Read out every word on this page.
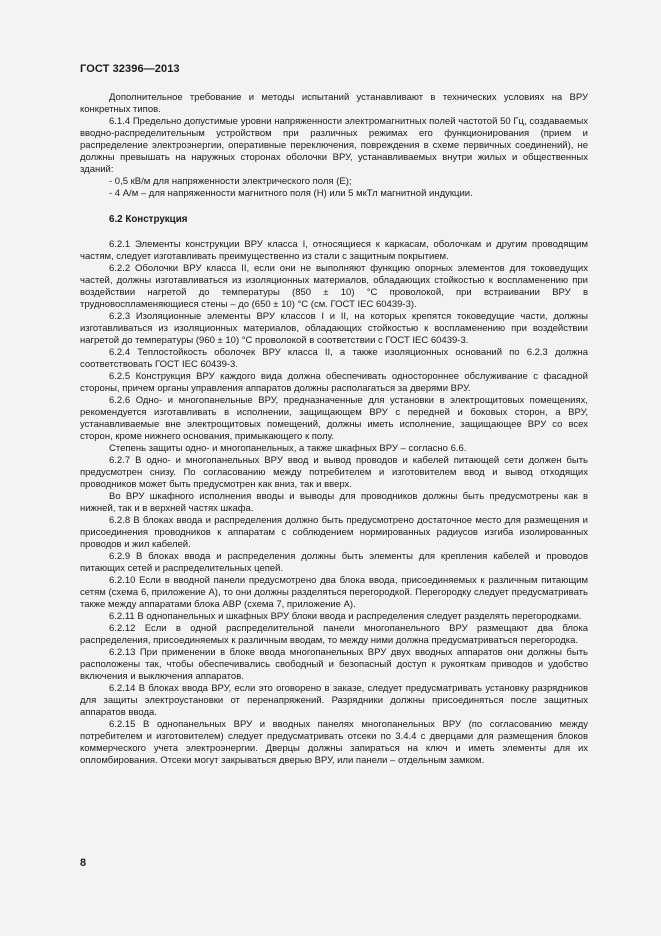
ГОСТ 32396—2013

Дополнительное требование и методы испытаний устанавливают в технических условиях на ВРУ конкретных типов.

6.1.4 Предельно допустимые уровни напряженности электромагнитных полей частотой 50 Гц, создаваемых вводно-распределительным устройством при различных режимах его функционирования (прием и распределение электроэнергии, оперативные переключения, повреждения в схеме первичных соединений), не должны превышать на наружных сторонах оболочки ВРУ, устанавливаемых внутри жилых и общественных зданий:

- 0,5 кВ/м для напряженности электрического поля (Е);

- 4 А/м – для напряженности магнитного поля (Н) или 5 мкТл магнитной индукции.

6.2 Конструкция

6.2.1 Элементы конструкции ВРУ класса I, относящиеся к каркасам, оболочкам и другим проводящим частям, следует изготавливать преимущественно из стали с защитным покрытием.

6.2.2 Оболочки ВРУ класса II, если они не выполняют функцию опорных элементов для токоведущих частей, должны изготавливаться из изоляционных материалов, обладающих стойкостью к воспламенению при воздействии нагретой до температуры (850 ± 10) °С проволокой, при встраивании ВРУ в трудновоспламеняющиеся стены – до (650 ± 10) °С (см. ГОСТ IEC 60439-3).

6.2.3 Изоляционные элементы ВРУ классов I и II, на которых крепятся токоведущие части, должны изготавливаться из изоляционных материалов, обладающих стойкостью к воспламенению при воздействии нагретой до температуры (960 ± 10) °С проволокой в соответствии с ГОСТ IEC 60439-3.

6.2.4 Теплостойкость оболочек ВРУ класса II, а также изоляционных оснований по 6.2.3 должна соответствовать ГОСТ IEC 60439-3.

6.2.5 Конструкция ВРУ каждого вида должна обеспечивать одностороннее обслуживание с фасадной стороны, причем органы управления аппаратов должны располагаться за дверями ВРУ.

6.2.6 Одно- и многопанельные ВРУ, предназначенные для установки в электрощитовых помещениях, рекомендуется изготавливать в исполнении, защищающем ВРУ с передней и боковых сторон, а ВРУ, устанавливаемые вне электрощитовых помещений, должны иметь исполнение, защищающее ВРУ со всех сторон, кроме нижнего основания, примыкающего к полу.

Степень защиты одно- и многопанельных, а также шкафных ВРУ – согласно 6.6.

6.2.7 В одно- и многопанельных ВРУ ввод и вывод проводов и кабелей питающей сети должен быть предусмотрен снизу. По согласованию между потребителем и изготовителем ввод и вывод отходящих проводников может быть предусмотрен как вниз, так и вверх.

Во ВРУ шкафного исполнения вводы и выводы для проводников должны быть предусмотрены как в нижней, так и в верхней частях шкафа.

6.2.8 В блоках ввода и распределения должно быть предусмотрено достаточное место для размещения и присоединения проводников к аппаратам с соблюдением нормированных радиусов изгиба изолированных проводов и жил кабелей.

6.2.9 В блоках ввода и распределения должны быть элементы для крепления кабелей и проводов питающих сетей и распределительных цепей.

6.2.10 Если в вводной панели предусмотрено два блока ввода, присоединяемых к различным питающим сетям (схема 6, приложение А), то они должны разделяться перегородкой. Перегородку следует предусматривать также между аппаратами блока АВР (схема 7, приложение А).

6.2.11 В однопанельных и шкафных ВРУ блоки ввода и распределения следует разделять перегородками.

6.2.12 Если в одной распределительной панели многопанельного ВРУ размещают два блока распределения, присоединяемых к различным вводам, то между ними должна предусматриваться перегородка.

6.2.13 При применении в блоке ввода многопанельных ВРУ двух вводных аппаратов они должны быть расположены так, чтобы обеспечивались свободный и безопасный доступ к рукояткам приводов и удобство включения и выключения аппаратов.

6.2.14 В блоках ввода ВРУ, если это оговорено в заказе, следует предусматривать установку разрядников для защиты электроустановки от перенапряжений. Разрядники должны присоединяться после защитных аппаратов ввода.

6.2.15 В однопанельных ВРУ и вводных панелях многопанельных ВРУ (по согласованию между потребителем и изготовителем) следует предусматривать отсеки по 3.4.4 с дверцами для размещения блоков коммерческого учета электроэнергии. Дверцы должны запираться на ключ и иметь элементы для их опломбирования. Отсеки могут закрываться дверью ВРУ, или панели – отдельным замком.

8
